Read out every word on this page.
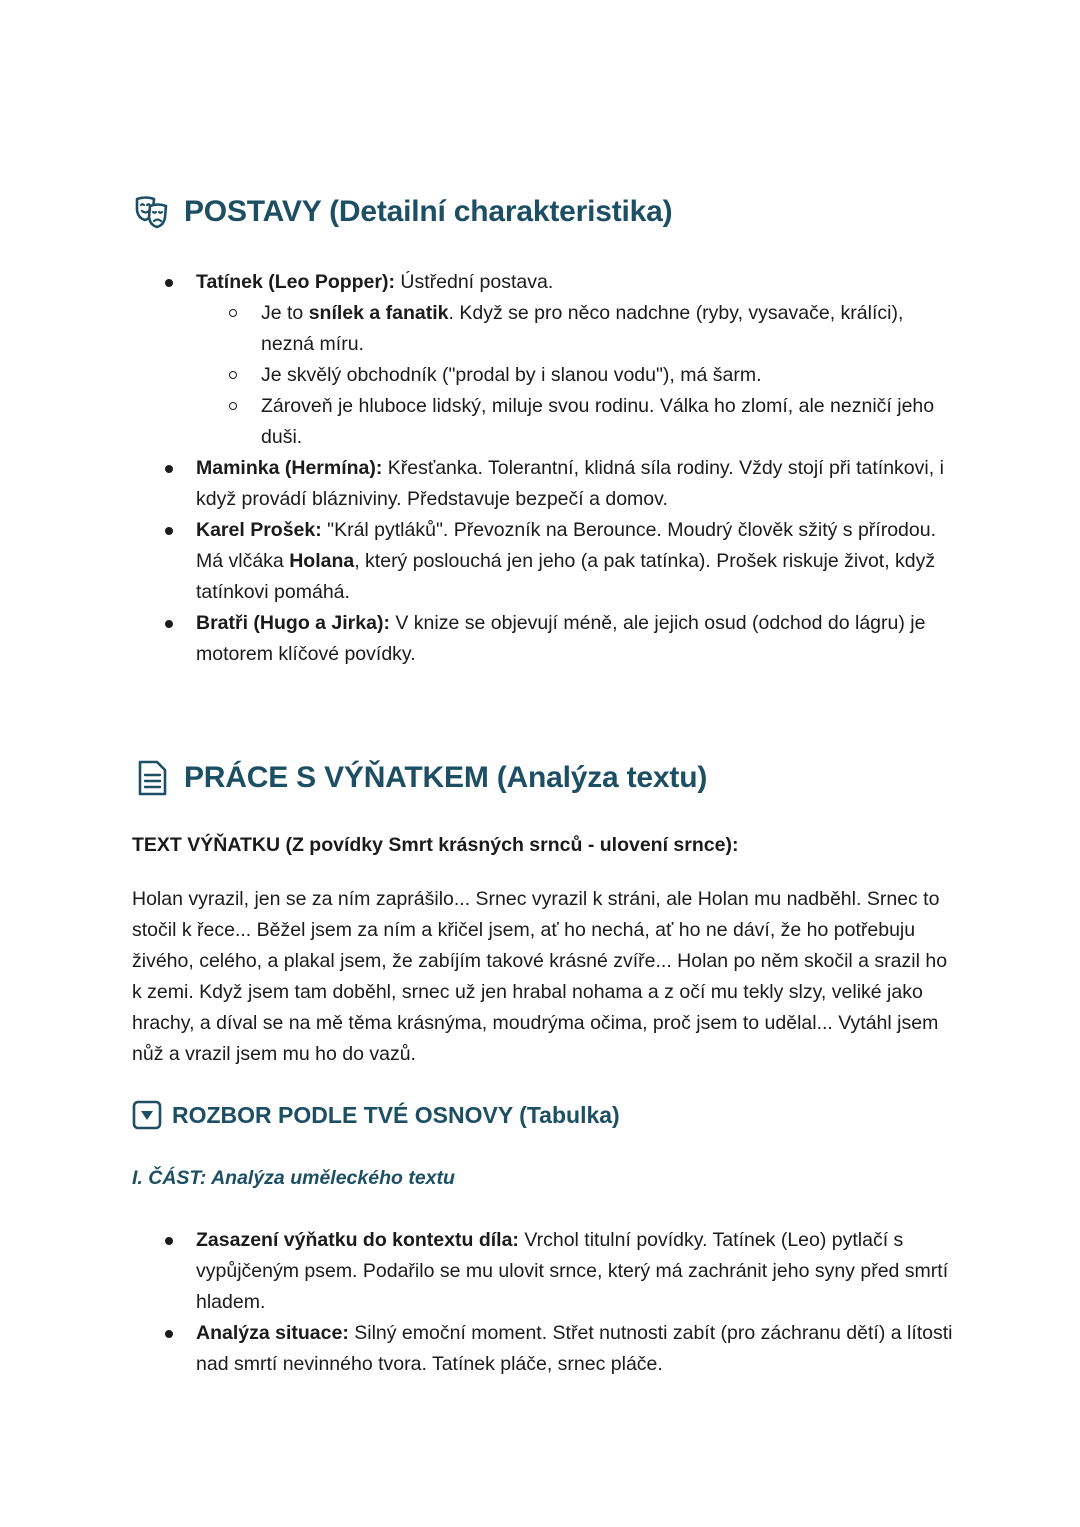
POSTAVY (Detailní charakteristika)
Tatínek (Leo Popper): Ústřední postava.
Je to snílek a fanatik. Když se pro něco nadchne (ryby, vysavače, králíci), nezná míru.
Je skvělý obchodník ("prodal by i slanou vodu"), má šarm.
Zároveň je hluboce lidský, miluje svou rodinu. Válka ho zlomí, ale nezničí jeho duši.
Maminka (Hermína): Křesťanka. Tolerantní, klidná síla rodiny. Vždy stojí při tatínkovi, i když provádí blázniviny. Představuje bezpečí a domov.
Karel Prošek: "Král pytláků". Převozník na Berounce. Moudrý člověk sžitý s přírodou. Má vlčáka Holana, který poslouchá jen jeho (a pak tatínka). Prošek riskuje život, když tatínkovi pomáhá.
Bratři (Hugo a Jirka): V knize se objevují méně, ale jejich osud (odchod do lágru) je motorem klíčové povídky.
PRÁCE S VÝŇATKEM (Analýza textu)
TEXT VÝŇATKU (Z povídky Smrt krásných srnců - ulovení srnce):
Holan vyrazil, jen se za ním zaprášilo... Srnec vyrazil k stráni, ale Holan mu nadběhl. Srnec to stočil k řece... Běžel jsem za ním a křičel jsem, ať ho nechá, ať ho ne dáví, že ho potřebuju živého, celého, a plakal jsem, že zabíjím takové krásné zvíře... Holan po něm skočil a srazil ho k zemi. Když jsem tam doběhl, srnec už jen hrabal nohama a z očí mu tekly slzy, veliké jako hrachy, a díval se na mě těma krásnýma, moudrýma očima, proč jsem to udělal... Vytáhl jsem nůž a vrazil jsem mu ho do vazů.
ROZBOR PODLE TVÉ OSNOVY (Tabulka)
I. ČÁST: Analýza uměleckého textu
Zasazení výňatku do kontextu díla: Vrchol titulní povídky. Tatínek (Leo) pytlačí s vypůjčeným psem. Podařilo se mu ulovit srnce, který má zachránit jeho syny před smrtí hladem.
Analýza situace: Silný emoční moment. Střet nutnosti zabít (pro záchranu dětí) a lítosti nad smrtí nevinného tvora. Tatínek pláče, srnec pláče.
